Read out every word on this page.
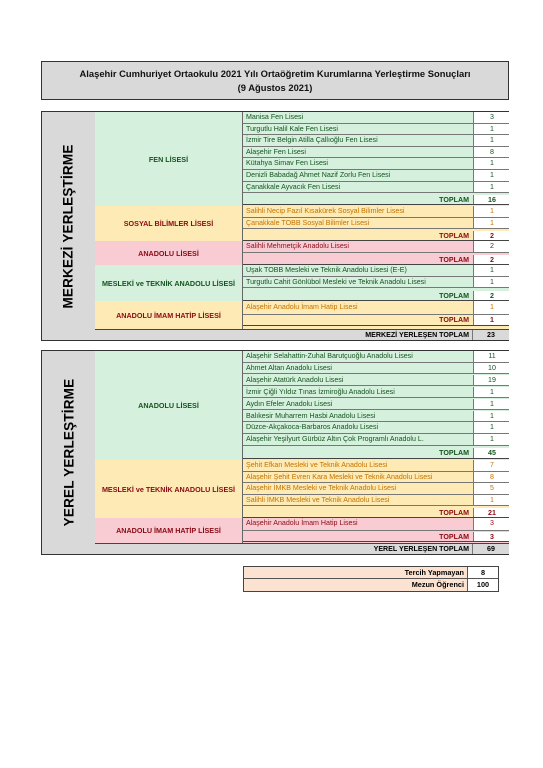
Alaşehir Cumhuriyet Ortaokulu 2021 Yılı Ortaöğretim Kurumlarına Yerleştirme Sonuçları
(9 Ağustos 2021)
MERKEZİ YERLEŞTİRME	FEN LİSESİ
Manisa Fen Lisesi	3
Turgutlu Halil Kale Fen Lisesi	1
İzmir Tire Belgin Atilla Çallıoğlu Fen Lisesi	1
Alaşehir Fen Lisesi	8
Kütahya Simav Fen Lisesi	1
Denizli Babadağ Ahmet Nazif Zorlu Fen Lisesi	1
Çanakkale Ayvacık Fen Lisesi	1
TOPLAM	16
SOSYAL BİLİMLER LİSESİ
Salihli Necip Fazıl Kısakürek Sosyal Bilimler Lisesi	1
Çanakkale TOBB Sosyal Bilimler Lisesi	1
TOPLAM	2
ANADOLU LİSESİ
Salihli Mehmetçik Anadolu Lisesi	2
TOPLAM	2
MESLEKİ ve TEKNİK ANADOLU LİSESİ
Uşak TOBB Mesleki ve Teknik Anadolu Lisesi (E-E)	1
Turgutlu Cahit Gönlübol Mesleki ve Teknik Anadolu Lisesi	1
TOPLAM	2
ANADOLU İMAM HATİP LİSESİ
Alaşehir Anadolu İmam Hatip Lisesi	1
TOPLAM	1
MERKEZİ YERLEŞEN TOPLAM	23
YEREL YERLEŞTİRME	ANADOLU LİSESİ
Alaşehir Selahattin-Zuhal Barutçuoğlu Anadolu Lisesi	11
Ahmet Altan Anadolu Lisesi	10
Alaşehir Atatürk Anadolu Lisesi	19
İzmir Çiğli Yıldız Tınas İzmiroğlu Anadolu Lisesi	1
Aydın Efeler Anadolu Lisesi	1
Balıkesir Muharrem Hasbi Anadolu Lisesi	1
Düzce-Akçakoca-Barbaros Anadolu Lisesi	1
Alaşehir Yeşilyurt Gürbüz Altın Çok Programlı Anadolu L.	1
TOPLAM	45
MESLEKİ ve TEKNİK ANADOLU LİSESİ
Şehit Efkan Mesleki ve Teknik Anadolu Lisesi	7
Alaşehir Şehit Evren Kara Mesleki ve Teknik Anadolu Lisesi	8
Alaşehir İMKB Mesleki ve Teknik Anadolu Lisesi	5
Salihli İMKB Mesleki ve Teknik Anadolu Lisesi	1
TOPLAM	21
ANADOLU İMAM HATİP LİSESİ
Alaşehir Anadolu İmam Hatip Lisesi	3
TOPLAM	3
YEREL YERLEŞEN TOPLAM	69
Tercih Yapmayan	8
Mezun Öğrenci	100
